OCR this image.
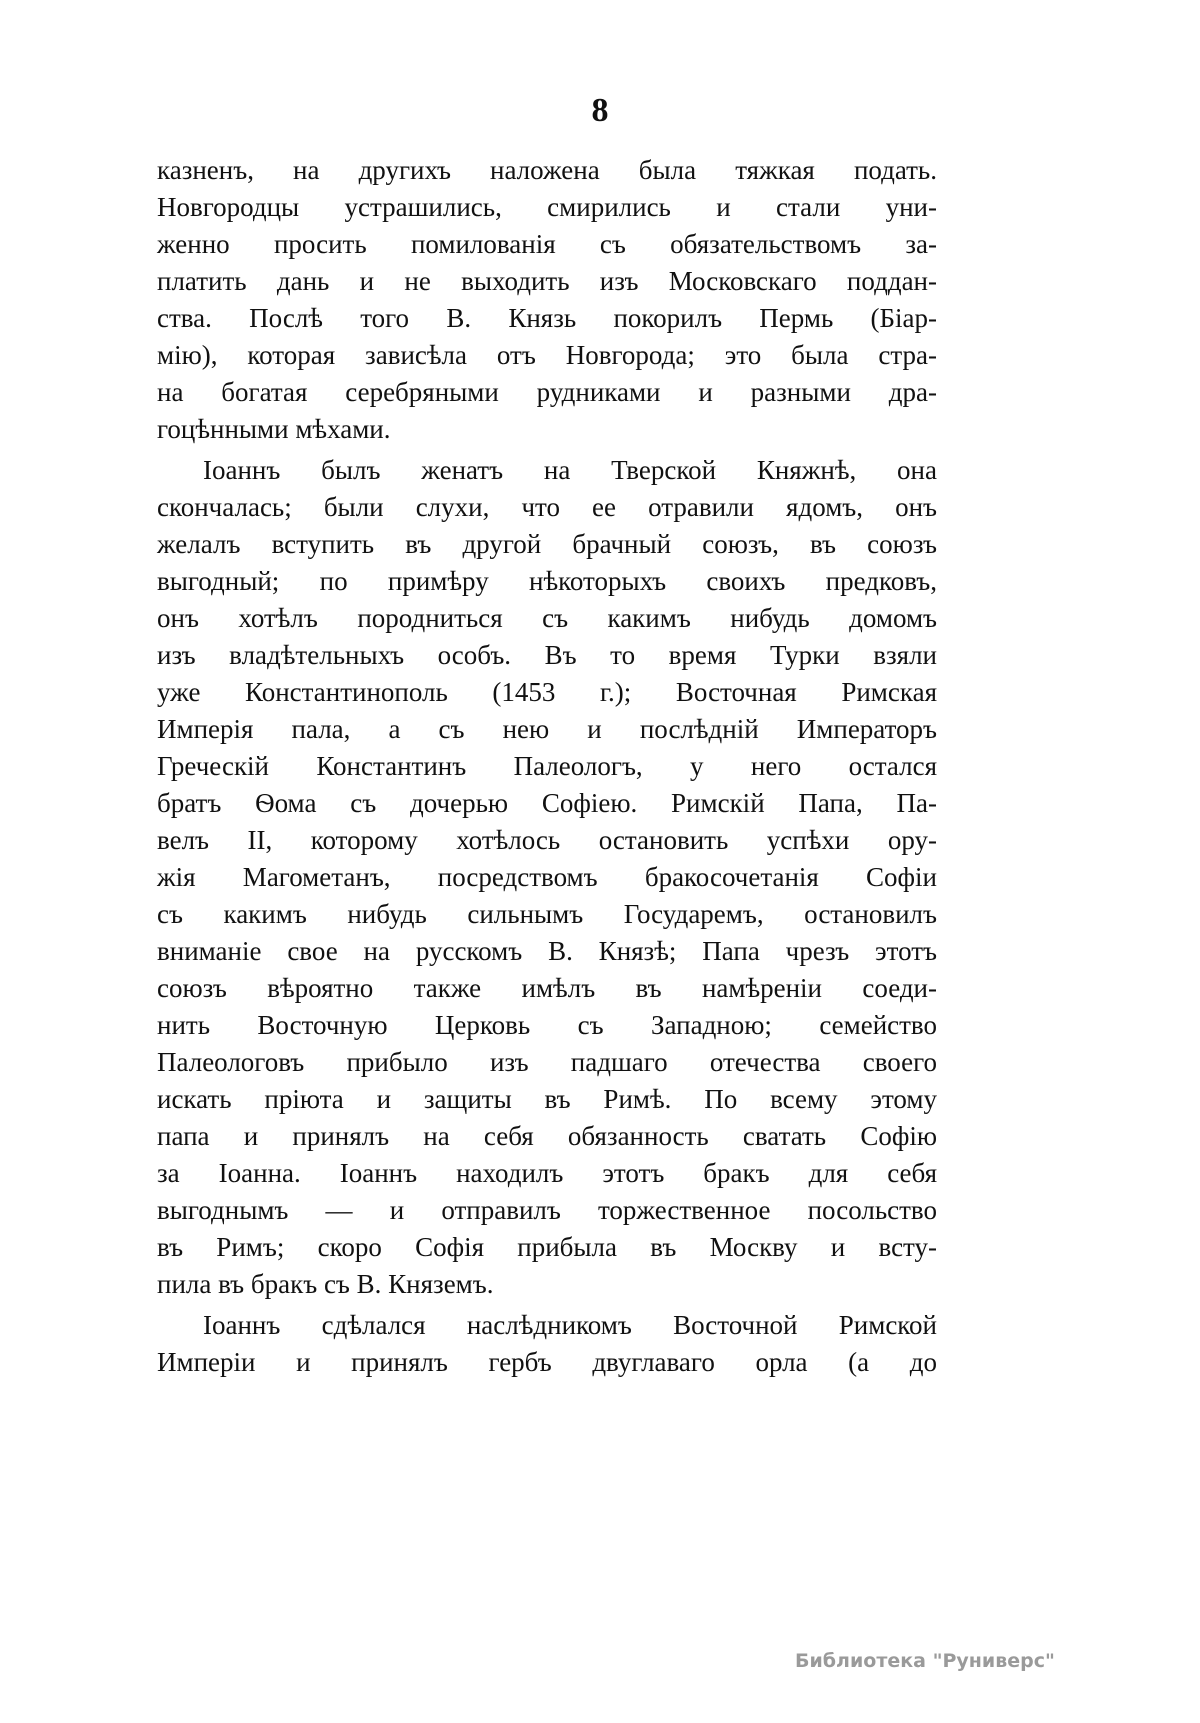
8
казненъ, на другихъ наложена была тяжкая подать.
Новгородцы устрашились, смирились и стали уни-
женно просить помилованія съ обязательствомъ за-
платить дань и не выходить изъ Московскаго поддан-
ства. Послѣ того В. Князь покорилъ Пермь (Біар-
мію), которая зависѣла отъ Новгорода; это была стра-
на богатая серебряными рудниками и разными дра-
гоцѣнными мѣхами.
Іоаннъ былъ женатъ на Тверской Княжнѣ, она
скончалась; были слухи, что ее отравили ядомъ, онъ
желалъ вступить въ другой брачный союзъ, въ союзъ
выгодный; по примѣру нѣкоторыхъ своихъ предковъ,
онъ хотѣлъ породниться съ какимъ нибудь домомъ
изъ владѣтельныхъ особъ. Въ то время Турки взяли
уже Константинополь (1453 г.); Восточная Римская
Имперія пала, а съ нею и послѣдній Императоръ
Греческій Константинъ Палеологъ, у него остался
братъ Ѳома съ дочерью Софіею. Римскій Папа, Па-
велъ II, которому хотѣлось остановить успѣхи ору-
жія Магометанъ, посредствомъ бракосочетанія Софіи
съ какимъ нибудь сильнымъ Государемъ, остановилъ
вниманіе свое на русскомъ В. Князѣ; Папа чрезъ этотъ
союзъ вѣроятно также имѣлъ въ намѣреніи соеди-
нить Восточную Церковь съ Западною; семейство
Палеологовъ прибыло изъ падшаго отечества своего
искать пріюта и защиты въ Римѣ. По всему этому
папа и принялъ на себя обязанность сватать Софію
за Іоанна. Іоаннъ находилъ этотъ бракъ для себя
выгоднымъ — и отправилъ торжественное посольство
въ Римъ; скоро Софія прибыла въ Москву и всту-
пила въ бракъ съ В. Княземъ.
Іоаннъ сдѣлался наслѣдникомъ Восточной Римской
Имперіи и принялъ гербъ двуглаваго орла (а до
Библиотека "Руниверс"
